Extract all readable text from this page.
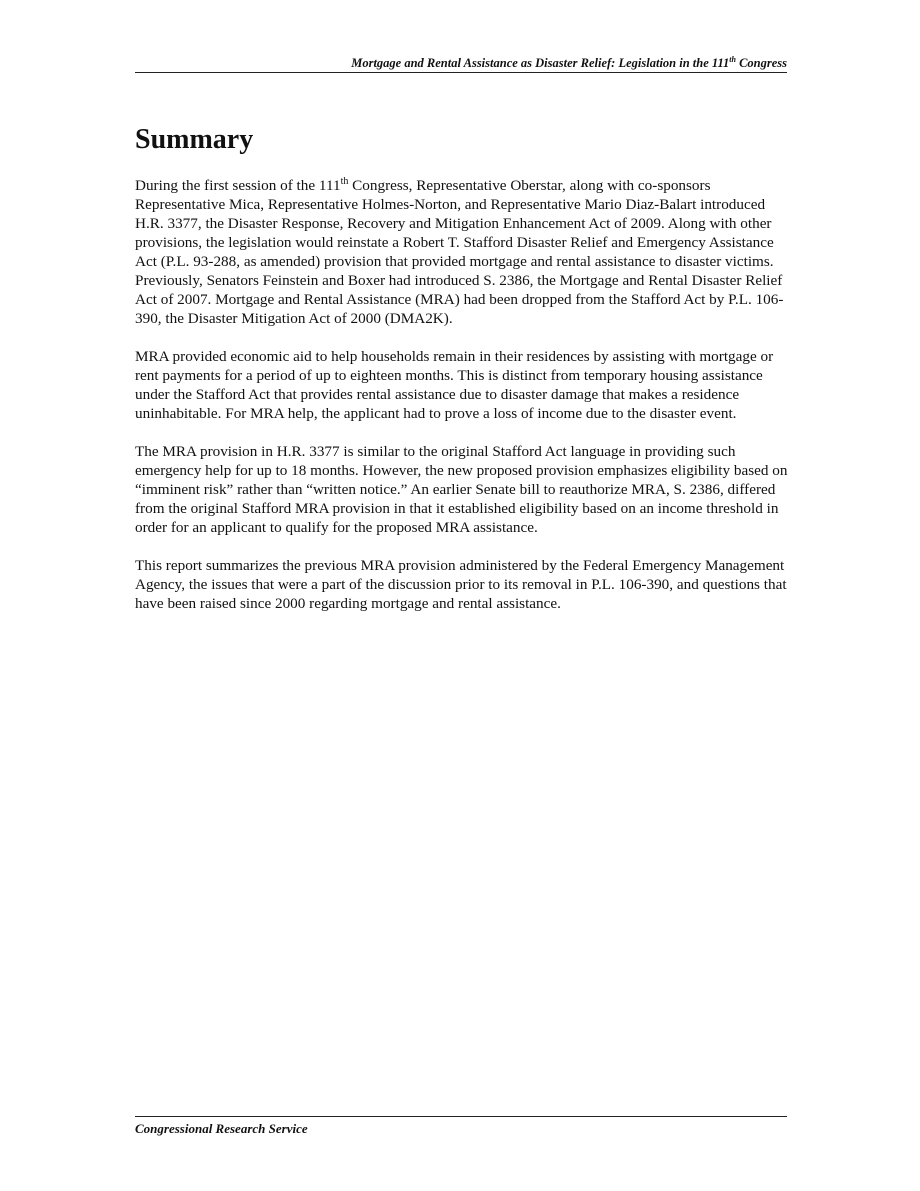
Mortgage and Rental Assistance as Disaster Relief: Legislation in the 111th Congress
Summary

During the first session of the 111th Congress, Representative Oberstar, along with co-sponsors Representative Mica, Representative Holmes-Norton, and Representative Mario Diaz-Balart introduced H.R. 3377, the Disaster Response, Recovery and Mitigation Enhancement Act of 2009. Along with other provisions, the legislation would reinstate a Robert T. Stafford Disaster Relief and Emergency Assistance Act (P.L. 93-288, as amended) provision that provided mortgage and rental assistance to disaster victims. Previously, Senators Feinstein and Boxer had introduced S. 2386, the Mortgage and Rental Disaster Relief Act of 2007. Mortgage and Rental Assistance (MRA) had been dropped from the Stafford Act by P.L. 106-390, the Disaster Mitigation Act of 2000 (DMA2K).

MRA provided economic aid to help households remain in their residences by assisting with mortgage or rent payments for a period of up to eighteen months. This is distinct from temporary housing assistance under the Stafford Act that provides rental assistance due to disaster damage that makes a residence uninhabitable. For MRA help, the applicant had to prove a loss of income due to the disaster event.

The MRA provision in H.R. 3377 is similar to the original Stafford Act language in providing such emergency help for up to 18 months. However, the new proposed provision emphasizes eligibility based on “imminent risk” rather than “written notice.” An earlier Senate bill to reauthorize MRA, S. 2386, differed from the original Stafford MRA provision in that it established eligibility based on an income threshold in order for an applicant to qualify for the proposed MRA assistance.

This report summarizes the previous MRA provision administered by the Federal Emergency Management Agency, the issues that were a part of the discussion prior to its removal in P.L. 106-390, and questions that have been raised since 2000 regarding mortgage and rental assistance.

Congressional Research Service
